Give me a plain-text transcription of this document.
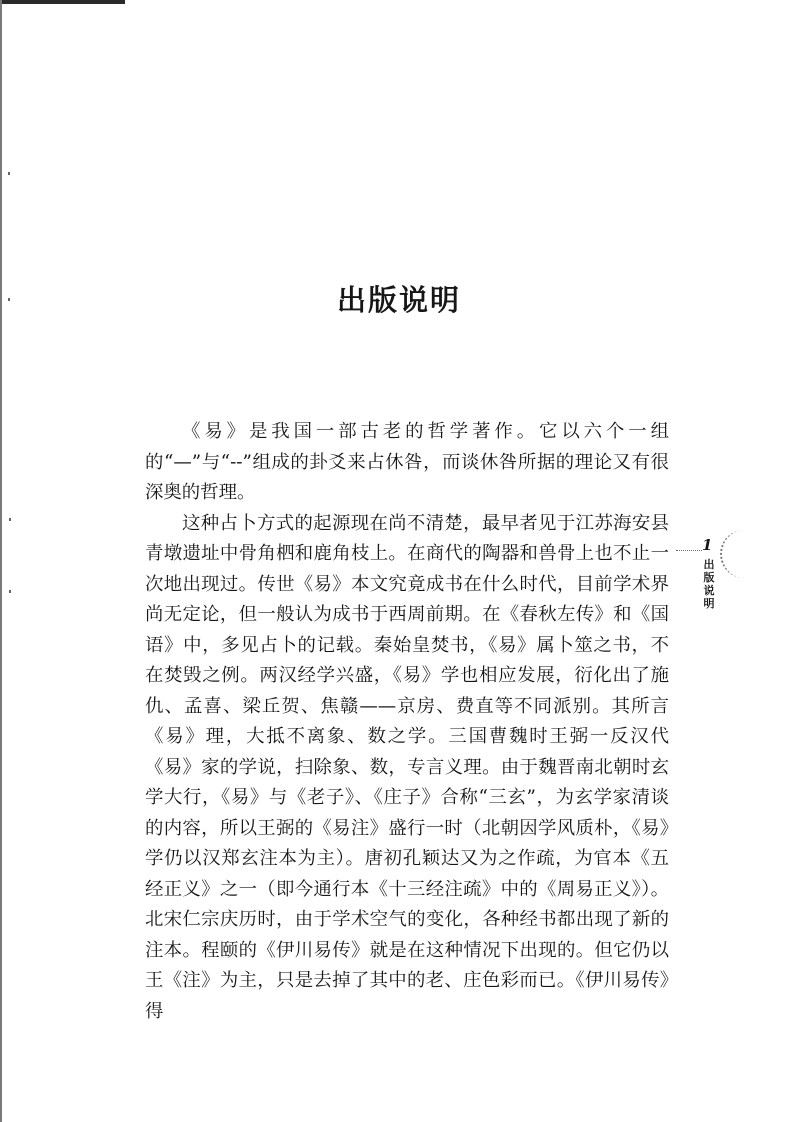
出版说明

《易》是我国一部古老的哲学著作。它以六个一组的“—”与“--”组成的卦爻来占休咎，而谈休咎所据的理论又有很深奥的哲理。

这种占卜方式的起源现在尚不清楚，最早者见于江苏海安县青墩遗址中骨角柶和鹿角枝上。在商代的陶器和兽骨上也不止一次地出现过。传世《易》本文究竟成书在什么时代，目前学术界尚无定论，但一般认为成书于西周前期。在《春秋左传》和《国语》中，多见占卜的记载。秦始皇焚书，《易》属卜筮之书，不在焚毁之例。两汉经学兴盛，《易》学也相应发展，衍化出了施仇、孟喜、梁丘贺、焦赣——京房、费直等不同派别。其所言《易》理，大抵不离象、数之学。三国曹魏时王弼一反汉代《易》家的学说，扫除象、数，专言义理。由于魏晋南北朝时玄学大行，《易》与《老子》、《庄子》合称“三玄”，为玄学家清谈的内容，所以王弼的《易注》盛行一时（北朝因学风质朴，《易》学仍以汉郑玄注本为主）。唐初孔颖达又为之作疏，为官本《五经正义》之一（即今通行本《十三经注疏》中的《周易正义》）。北宋仁宗庆历时，由于学术空气的变化，各种经书都出现了新的注本。程颐的《伊川易传》就是在这种情况下出现的。但它仍以王《注》为主，只是去掉了其中的老、庄色彩而已。《伊川易传》得

1
出版说明
